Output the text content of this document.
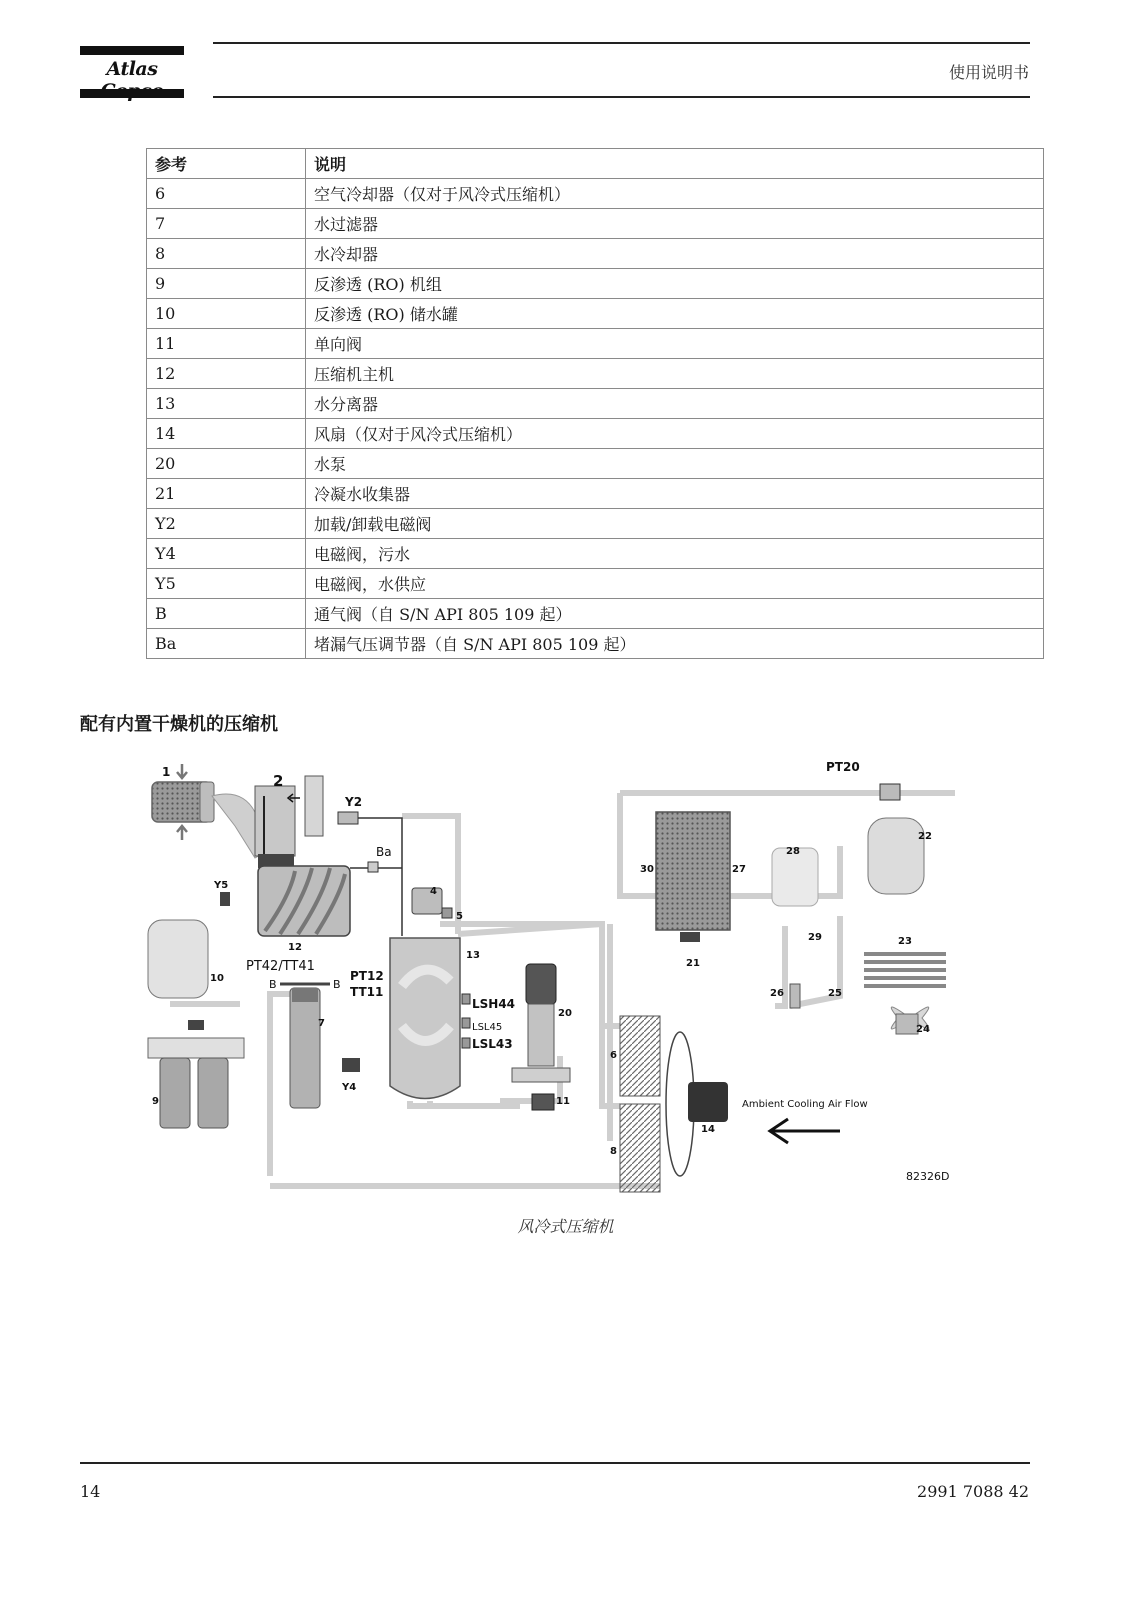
Atlas	使用说明书
参考	说明
6	空气冷却器（仅对于风冷式压缩机）
7	水过滤器
8	水冷却器
9	反渗透 (RO) 机组
10	反渗透 (RO) 储水罐
11	单向阀
12	压缩机主机
13	水分离器
14	风扇（仅对于风冷式压缩机）
20	水泵
21	冷凝水收集器
Y2	加载/卸载电磁阀
Y4	电磁阀，污水
Y5	电磁阀，水供应
B	通气阀（自 S/N API 805 109 起）
Ba	堵漏气压调节器（自 S/N API 805 109 起）
配有内置干燥机的压缩机
1	2
Y2
Ba
4
5
Y5
12
13
10
PT42/TT41
B	B
PT12
TT11
7
LSH44
LSL45
LSL43
20
Y4
9	11
6
8
14
PT20
22
30
28
27
21
29	23
26	25
24
Ambient Cooling Air Flow
82326D
风冷式压缩机
14	2991 7088 42
